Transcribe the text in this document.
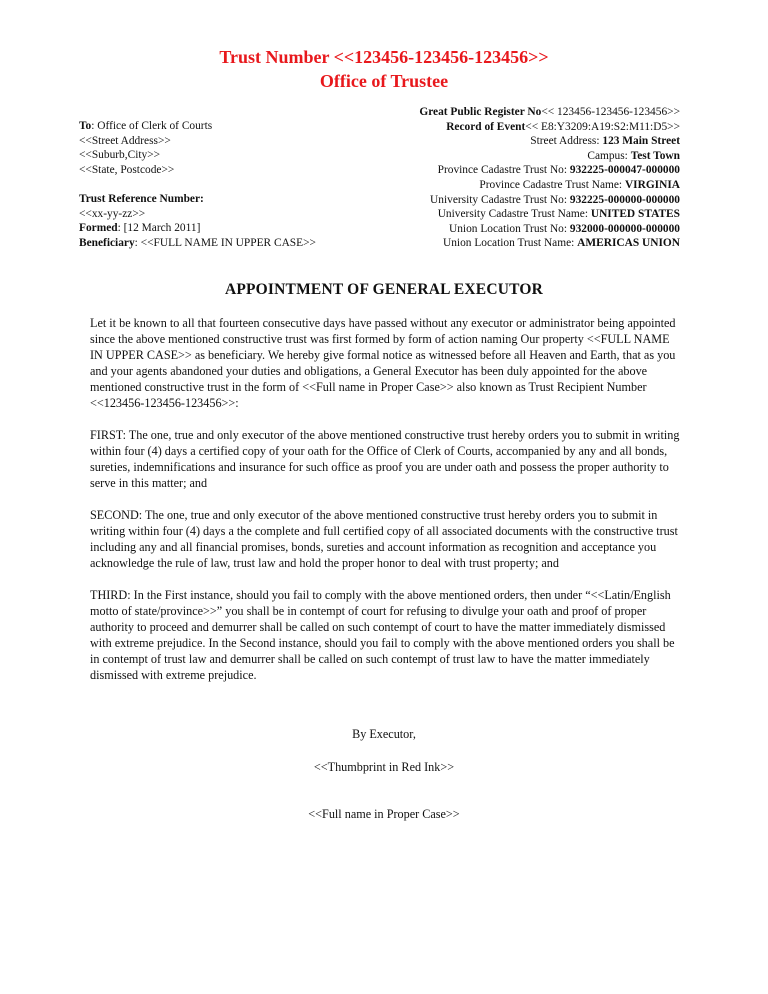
Trust Number <<123456-123456-123456>>
Office of Trustee
To: Office of Clerk of Courts
<<Street Address>>
<<Suburb,City>>
<<State, Postcode>>
Trust Reference Number:
<<xx-yy-zz>>
Formed: [12 March 2011]
Beneficiary: <<FULL NAME IN UPPER CASE>>
Great Public Register No<< 123456-123456-123456>>
Record of Event<< E8:Y3209:A19:S2:M11:D5>>
Street Address: 123 Main Street
Campus: Test Town
Province Cadastre Trust No: 932225-000047-000000
Province Cadastre Trust Name: VIRGINIA
University Cadastre Trust No: 932225-000000-000000
University Cadastre Trust Name: UNITED STATES
Union Location Trust No: 932000-000000-000000
Union Location Trust Name: AMERICAS UNION
APPOINTMENT OF GENERAL EXECUTOR

Let it be known to all that fourteen consecutive days have passed without any executor or administrator being appointed since the above mentioned constructive trust was first formed by form of action naming Our property <<FULL NAME IN UPPER CASE>> as beneficiary. We hereby give formal notice as witnessed before all Heaven and Earth, that as you and your agents abandoned your duties and obligations, a General Executor has been duly appointed for the above mentioned constructive trust in the form of <<Full name in Proper Case>> also known as Trust Recipient Number <<123456-123456-123456>>:

FIRST: The one, true and only executor of the above mentioned constructive trust hereby orders you to submit in writing within four (4) days a certified copy of your oath for the Office of Clerk of Courts, accompanied by any and all bonds, sureties, indemnifications and insurance for such office as proof you are under oath and possess the proper authority to serve in this matter; and

SECOND: The one, true and only executor of the above mentioned constructive trust hereby orders you to submit in writing within four (4) days a the complete and full certified copy of all associated documents with the constructive trust including any and all financial promises, bonds, sureties and account information as recognition and acceptance you acknowledge the rule of law, trust law and hold the proper honor to deal with trust property; and

THIRD: In the First instance, should you fail to comply with the above mentioned orders, then under “<<Latin/English motto of state/province>>” you shall be in contempt of court for refusing to divulge your oath and proof of proper authority to proceed and demurrer shall be called on such contempt of court to have the matter immediately dismissed with extreme prejudice. In the Second instance, should you fail to comply with the above mentioned orders you shall be in contempt of trust law and demurrer shall be called on such contempt of trust law to have the matter immediately dismissed with extreme prejudice.

By Executor,
<<Thumbprint in Red Ink>>
<<Full name in Proper Case>>
